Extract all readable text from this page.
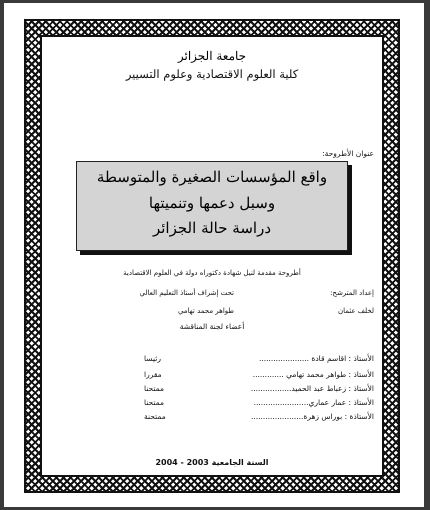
جامعة الجزائر
كلية العلوم الاقتصادية وعلوم التسيير
عنوان الأطروحة:
واقع المؤسسات الصغيرة والمتوسطة
وسبل دعمها وتنميتها
دراسة حالة الجزائر
أطروحة مقدمة لنيل شهادة دكتوراه دولة في العلوم الاقتصادية
إعداد المترشح:
لخلف عثمان
تحت إشراف أستاذ التعليم العالي
طواهر محمد تهامي
أعضاء لجنة المناقشة
الأستاذ : اقاسم قادة .....................
رئيسا
الأستاذ : طواهر محمد تهامي .............
مقررا
الأستاذ : زعباط عبد الحميد.................
ممتحنا
الأستاذ : عمار عماري.......................
ممتحنا
الأستاذة : بوراس زهرة......................
ممتحنة
السنة الجامعية 2003 - 2004
